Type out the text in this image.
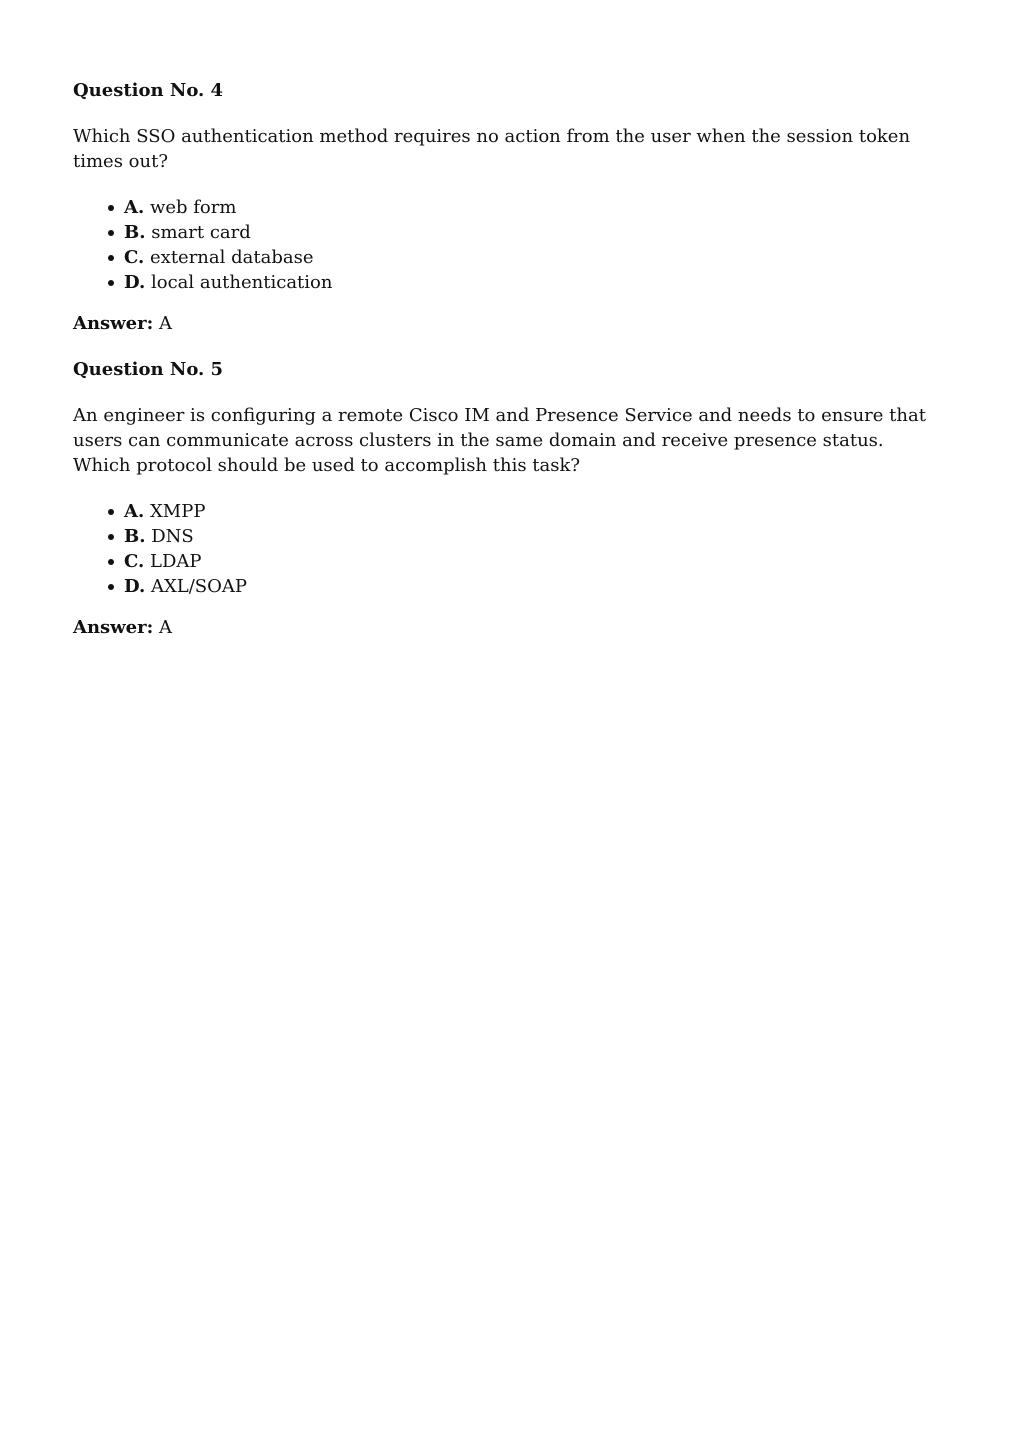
Question No. 4

Which SSO authentication method requires no action from the user when the session token times out?

A. web form
B. smart card
C. external database
D. local authentication

Answer: A

Question No. 5

An engineer is configuring a remote Cisco IM and Presence Service and needs to ensure that users can communicate across clusters in the same domain and receive presence status. Which protocol should be used to accomplish this task?

A. XMPP
B. DNS
C. LDAP
D. AXL/SOAP

Answer: A
